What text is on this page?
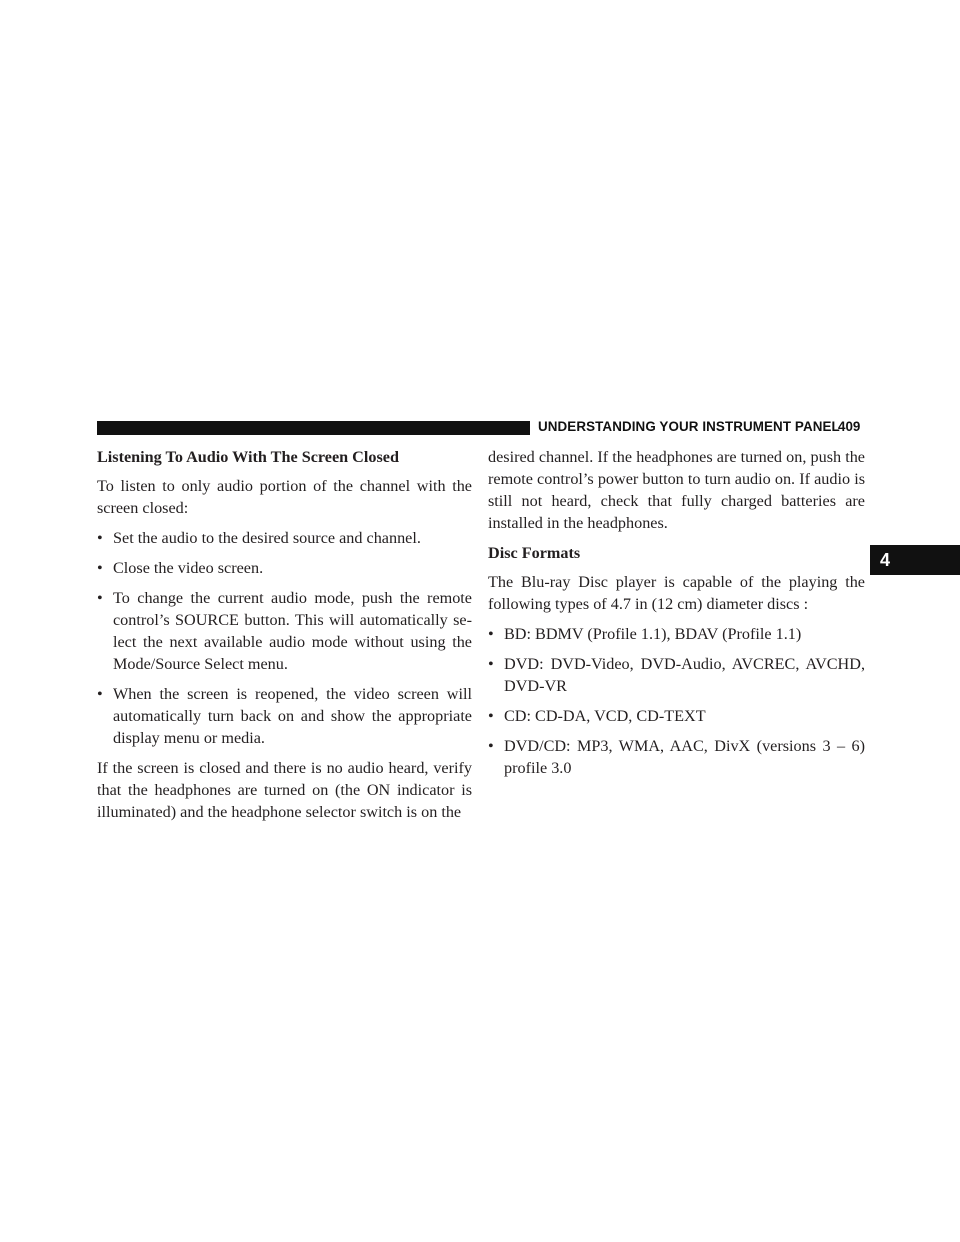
UNDERSTANDING YOUR INSTRUMENT PANEL
409
4
Listening To Audio With The Screen Closed

To listen to only audio portion of the channel with the screen closed:

• Set the audio to the desired source and channel.
• Close the video screen.
• To change the current audio mode, push the remote control’s SOURCE button. This will automatically se-lect the next available audio mode without using the Mode/Source Select menu.
• When the screen is reopened, the video screen will automatically turn back on and show the appropriate display menu or media.

If the screen is closed and there is no audio heard, verify that the headphones are turned on (the ON indicator is illuminated) and the headphone selector switch is on the

desired channel. If the headphones are turned on, push the remote control’s power button to turn audio on. If audio is still not heard, check that fully charged batteries are installed in the headphones.

Disc Formats

The Blu-ray Disc player is capable of the playing the following types of 4.7 in (12 cm) diameter discs :

• BD: BDMV (Profile 1.1), BDAV (Profile 1.1)
• DVD: DVD-Video, DVD-Audio, AVCREC, AVCHD, DVD-VR
• CD: CD-DA, VCD, CD-TEXT
• DVD/CD: MP3, WMA, AAC, DivX (versions 3 – 6) profile 3.0
